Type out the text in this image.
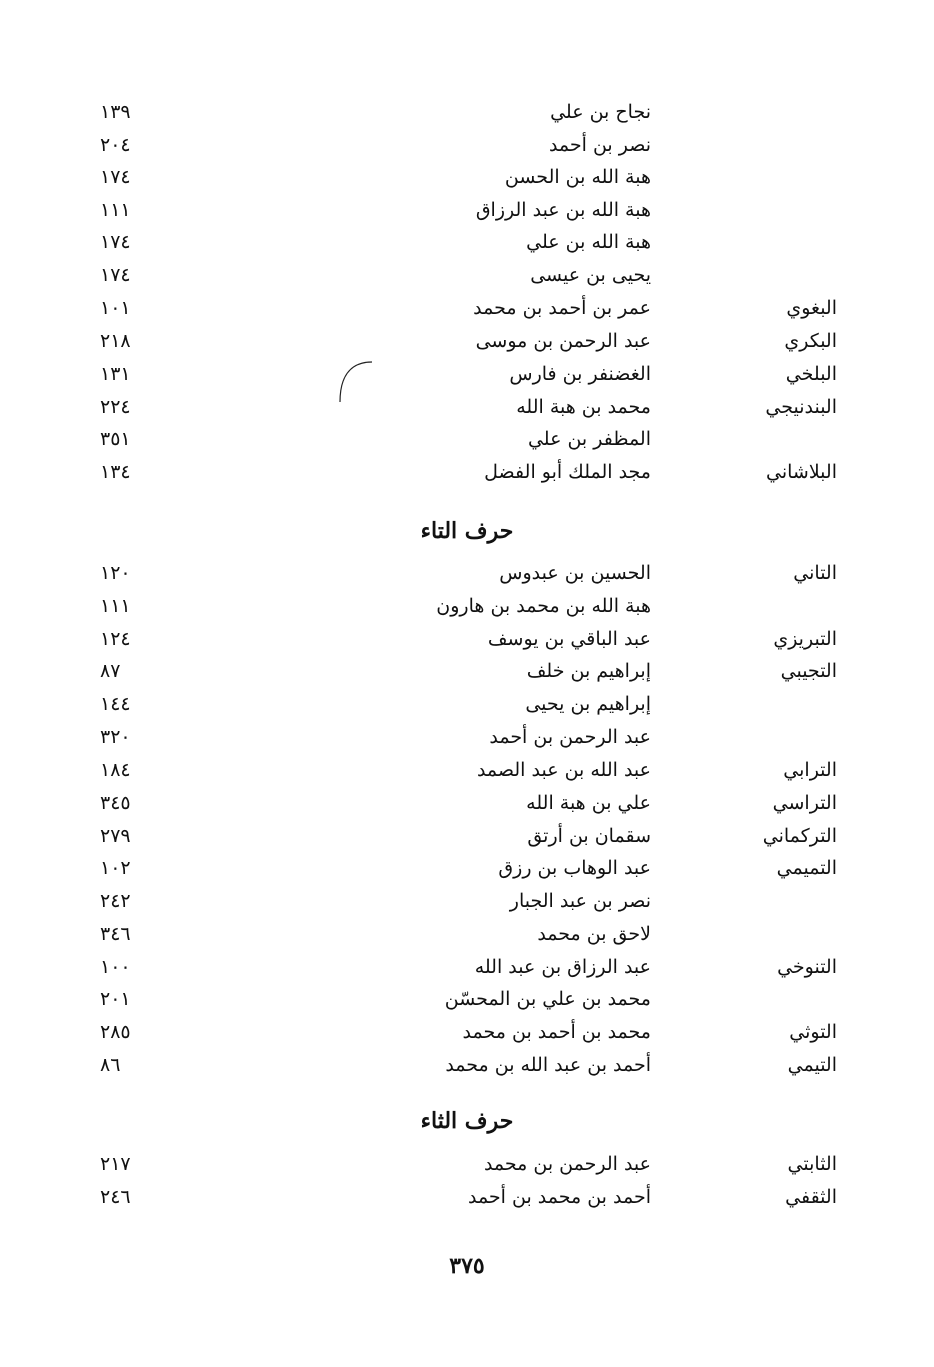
نجاح بن علي
١٣٩
نصر بن أحمد
٢٠٤
هبة الله بن الحسن
١٧٤
هبة الله بن عبد الرزاق
١١١
هبة الله بن علي
١٧٤
يحيى بن عيسى
١٧٤
البغوي
عمر بن أحمد بن محمد
١٠١
البكري
عبد الرحمن بن موسى
٢١٨
البلخي
الغضنفر بن فارس
١٣١
البندنيجي
محمد بن هبة الله
٢٢٤
المظفر بن علي
٣٥١
البلاشاني
مجد الملك أبو الفضل
١٣٤
حرف التاء
التاني
الحسين بن عبدوس
١٢٠
هبة الله بن محمد بن هارون
١١١
التبريزي
عبد الباقي بن يوسف
١٢٤
التجيبي
إبراهيم بن خلف
٨٧
إبراهيم بن يحيى
١٤٤
عبد الرحمن بن أحمد
٣٢٠
الترابي
عبد الله بن عبد الصمد
١٨٤
التراسي
علي بن هبة الله
٣٤٥
التركماني
سقمان بن أرتق
٢٧٩
التميمي
عبد الوهاب بن رزق
١٠٢
نصر بن عبد الجبار
٢٤٢
لاحق بن محمد
٣٤٦
التنوخي
عبد الرزاق بن عبد الله
١٠٠
محمد بن علي بن المحسّن
٢٠١
التوثي
محمد بن أحمد بن محمد
٢٨٥
التيمي
أحمد بن عبد الله بن محمد
٨٦
حرف الثاء
الثابتي
عبد الرحمن بن محمد
٢١٧
الثقفي
أحمد بن محمد بن أحمد
٢٤٦
٣٧٥
